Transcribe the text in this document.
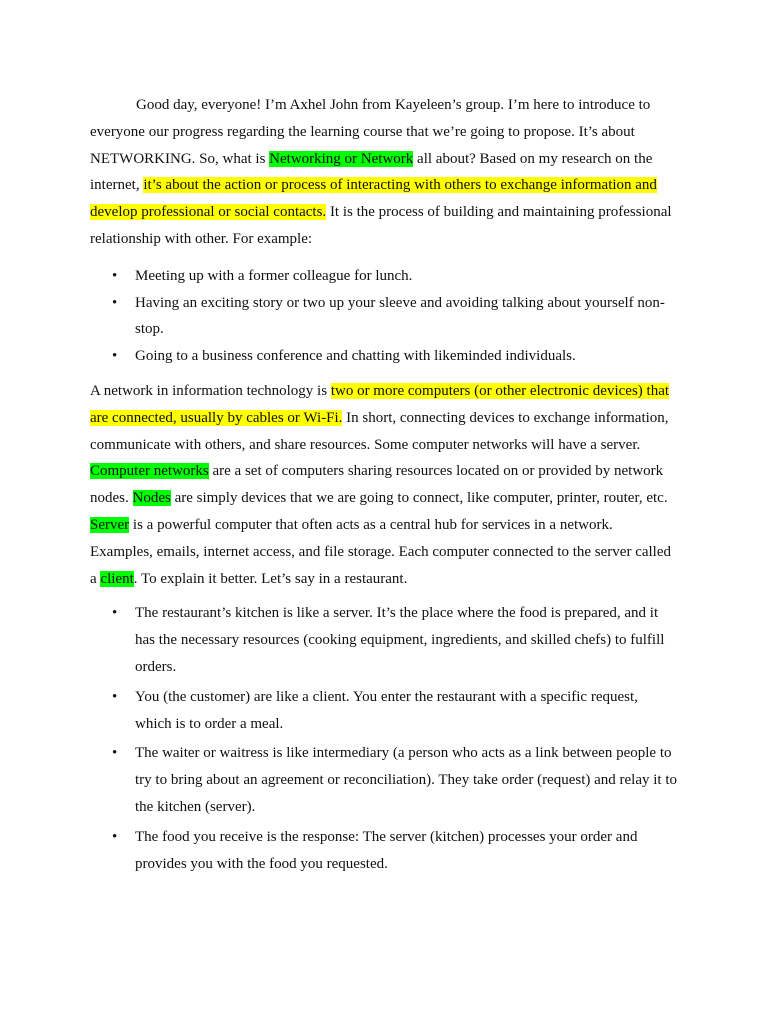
Good day, everyone! I’m Axhel John from Kayeleen’s group. I’m here to introduce to everyone our progress regarding the learning course that we’re going to propose. It’s about NETWORKING. So, what is Networking or Network all about? Based on my research on the internet, it’s about the action or process of interacting with others to exchange information and develop professional or social contacts. It is the process of building and maintaining professional relationship with other. For example:

• Meeting up with a former colleague for lunch.
• Having an exciting story or two up your sleeve and avoiding talking about yourself non-stop.
• Going to a business conference and chatting with likeminded individuals.

A network in information technology is two or more computers (or other electronic devices) that are connected, usually by cables or Wi-Fi. In short, connecting devices to exchange information, communicate with others, and share resources. Some computer networks will have a server. Computer networks are a set of computers sharing resources located on or provided by network nodes. Nodes are simply devices that we are going to connect, like computer, printer, router, etc. Server is a powerful computer that often acts as a central hub for services in a network. Examples, emails, internet access, and file storage. Each computer connected to the server called a client. To explain it better. Let’s say in a restaurant.

• The restaurant’s kitchen is like a server. It’s the place where the food is prepared, and it has the necessary resources (cooking equipment, ingredients, and skilled chefs) to fulfill orders.
• You (the customer) are like a client. You enter the restaurant with a specific request, which is to order a meal.
• The waiter or waitress is like intermediary (a person who acts as a link between people to try to bring about an agreement or reconciliation). They take order (request) and relay it to the kitchen (server).
• The food you receive is the response: The server (kitchen) processes your order and provides you with the food you requested.
